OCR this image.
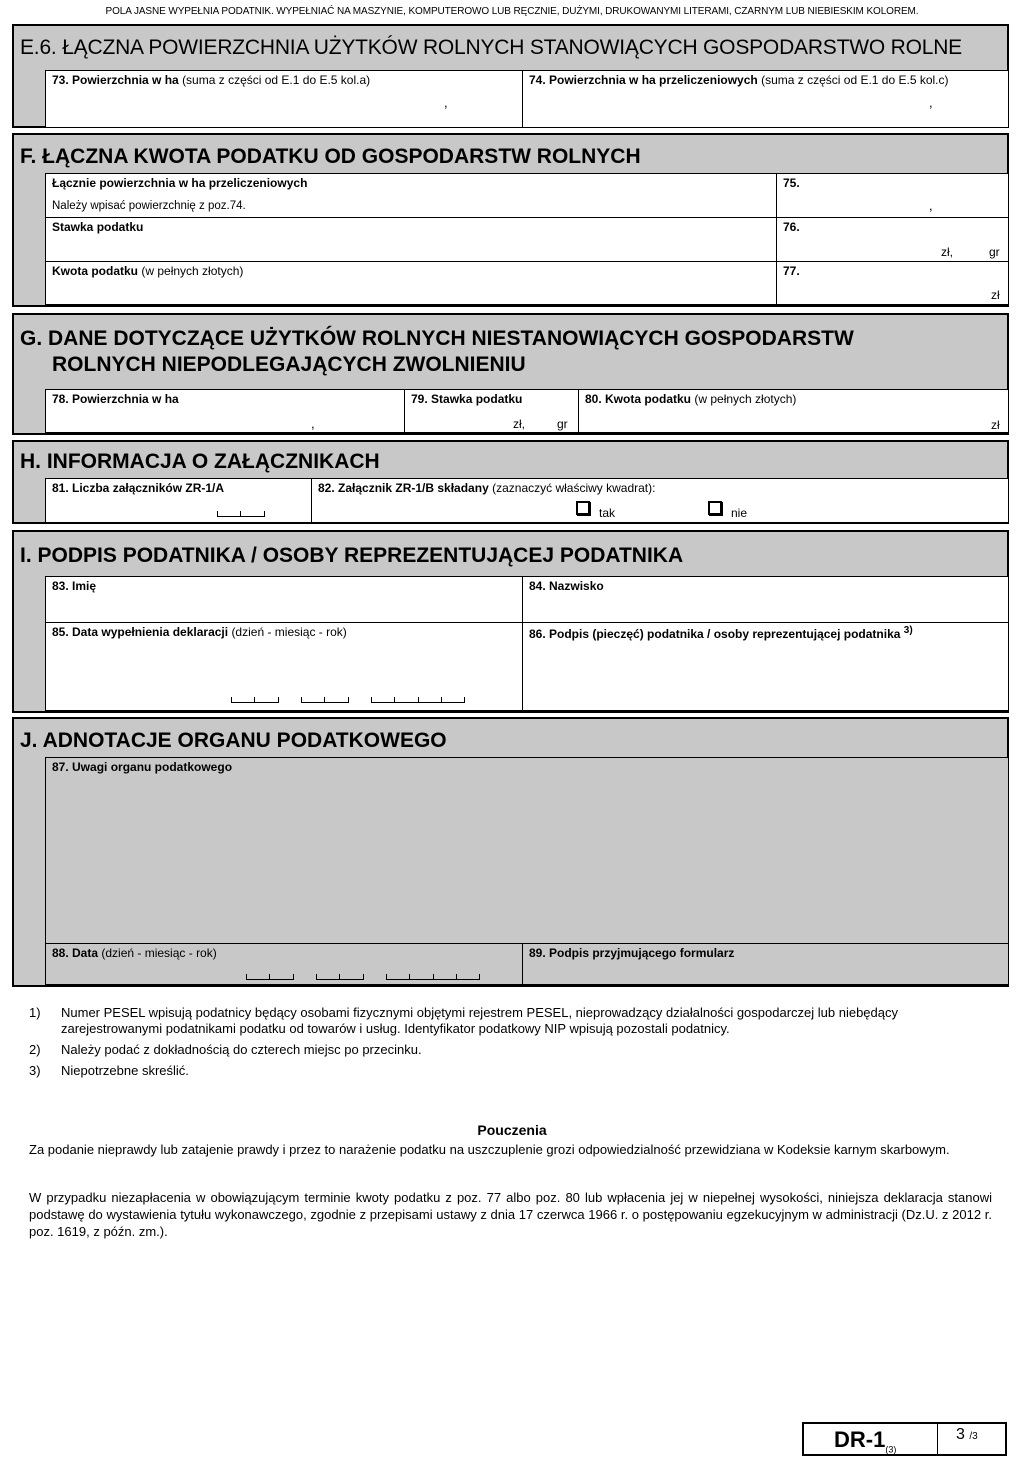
POLA JASNE WYPEŁNIA PODATNIK. WYPEŁNIAĆ NA MASZYNIE, KOMPUTEROWO LUB RĘCZNIE, DUŻYMI, DRUKOWANYMI LITERAMI, CZARNYM LUB NIEBIESKIM KOLOREM.
E.6. ŁĄCZNA POWIERZCHNIA UŻYTKÓW ROLNYCH STANOWIĄCYCH GOSPODARSTWO ROLNE
73. Powierzchnia w ha (suma z części od E.1 do E.5 kol.a)
,
74. Powierzchnia w ha przeliczeniowych (suma z części od E.1 do E.5 kol.c)
,
F. ŁĄCZNA KWOTA PODATKU OD GOSPODARSTW ROLNYCH
Łącznie powierzchnia w ha przeliczeniowych
Należy wpisać powierzchnię z poz.74.
75.
,
Stawka podatku	76.
zł,	gr
Kwota podatku (w pełnych złotych)	77.
zł
G. DANE DOTYCZĄCE UŻYTKÓW ROLNYCH NIESTANOWIĄCYCH GOSPODARSTW
ROLNYCH NIEPODLEGAJĄCYCH ZWOLNIENIU
78. Powierzchnia w ha
,
79. Stawka podatku
zł,	gr
80. Kwota podatku (w pełnych złotych)
zł
H. INFORMACJA O ZAŁĄCZNIKACH
81. Liczba załączników ZR-1/A	82. Załącznik ZR-1/B składany (zaznaczyć właściwy kwadrat):
tak	nie
I. PODPIS PODATNIKA / OSOBY REPREZENTUJĄCEJ PODATNIKA
83. Imię	84. Nazwisko
85. Data wypełnienia deklaracji (dzień - miesiąc - rok)	86. Podpis (pieczęć) podatnika / osoby reprezentującej podatnika $^{3)}$
J. ADNOTACJE ORGANU PODATKOWEGO
87. Uwagi organu podatkowego
88. Data (dzień - miesiąc - rok)	89. Podpis przyjmującego formularz
1) Numer PESEL wpisują podatnicy będący osobami fizycznymi objętymi rejestrem PESEL, nieprowadzący działalności gospodarczej lub niebędący zarejestrowanymi podatnikami podatku od towarów i usług. Identyfikator podatkowy NIP wpisują pozostali podatnicy.
2) Należy podać z dokładnością do czterech miejsc po przecinku.
3) Niepotrzebne skreślić.
Pouczenia
Za podanie nieprawdy lub zatajenie prawdy i przez to narażenie podatku na uszczuplenie grozi odpowiedzialność przewidziana w Kodeksie karnym skarbowym.
W przypadku niezapłacenia w obowiązującym terminie kwoty podatku z poz. 77 albo poz. 80 lub wpłacenia jej w niepełnej wysokości, niniejsza deklaracja stanowi podstawę do wystawienia tytułu wykonawczego, zgodnie z przepisami ustawy z dnia 17 czerwca 1966 r. o postępowaniu egzekucyjnym w administracji (Dz.U. z 2012 r. poz. 1619, z późn. zm.).
$DR-1_{(3)}$
3 /3
